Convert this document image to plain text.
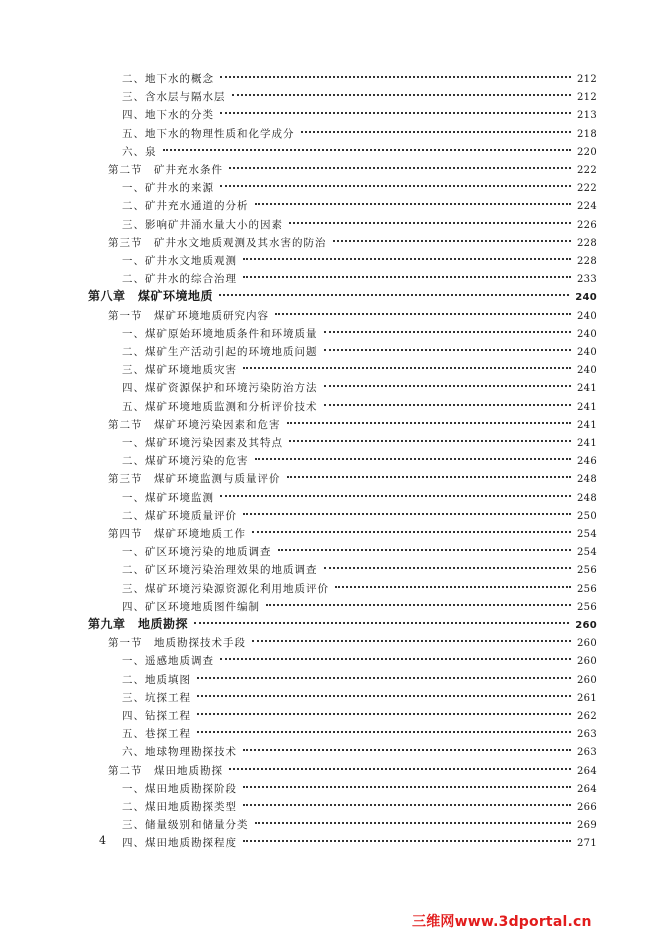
二、地下水的概念	212
三、含水层与隔水层	212
四、地下水的分类	213
五、地下水的物理性质和化学成分	218
六、泉	220
第二节　矿井充水条件	222
一、矿井水的来源	222
二、矿井充水通道的分析	224
三、影响矿井涌水量大小的因素	226
第三节　矿井水文地质观测及其水害的防治	228
一、矿井水文地质观测	228
二、矿井水的综合治理	233
第八章　煤矿环境地质	240
第一节　煤矿环境地质研究内容	240
一、煤矿原始环境地质条件和环境质量	240
二、煤矿生产活动引起的环境地质问题	240
三、煤矿环境地质灾害	240
四、煤矿资源保护和环境污染防治方法	241
五、煤矿环境地质监测和分析评价技术	241
第二节　煤矿环境污染因素和危害	241
一、煤矿环境污染因素及其特点	241
二、煤矿环境污染的危害	246
第三节　煤矿环境监测与质量评价	248
一、煤矿环境监测	248
二、煤矿环境质量评价	250
第四节　煤矿环境地质工作	254
一、矿区环境污染的地质调查	254
二、矿区环境污染治理效果的地质调查	256
三、煤矿环境污染源资源化利用地质评价	256
四、矿区环境地质图件编制	256
第九章　地质勘探	260
第一节　地质勘探技术手段	260
一、遥感地质调查	260
二、地质填图	260
三、坑探工程	261
四、钻探工程	262
五、巷探工程	263
六、地球物理勘探技术	263
第二节　煤田地质勘探	264
一、煤田地质勘探阶段	264
二、煤田地质勘探类型	266
三、储量级别和储量分类	269
四、煤田地质勘探程度	271
4
三维网www.3dportal.cn
